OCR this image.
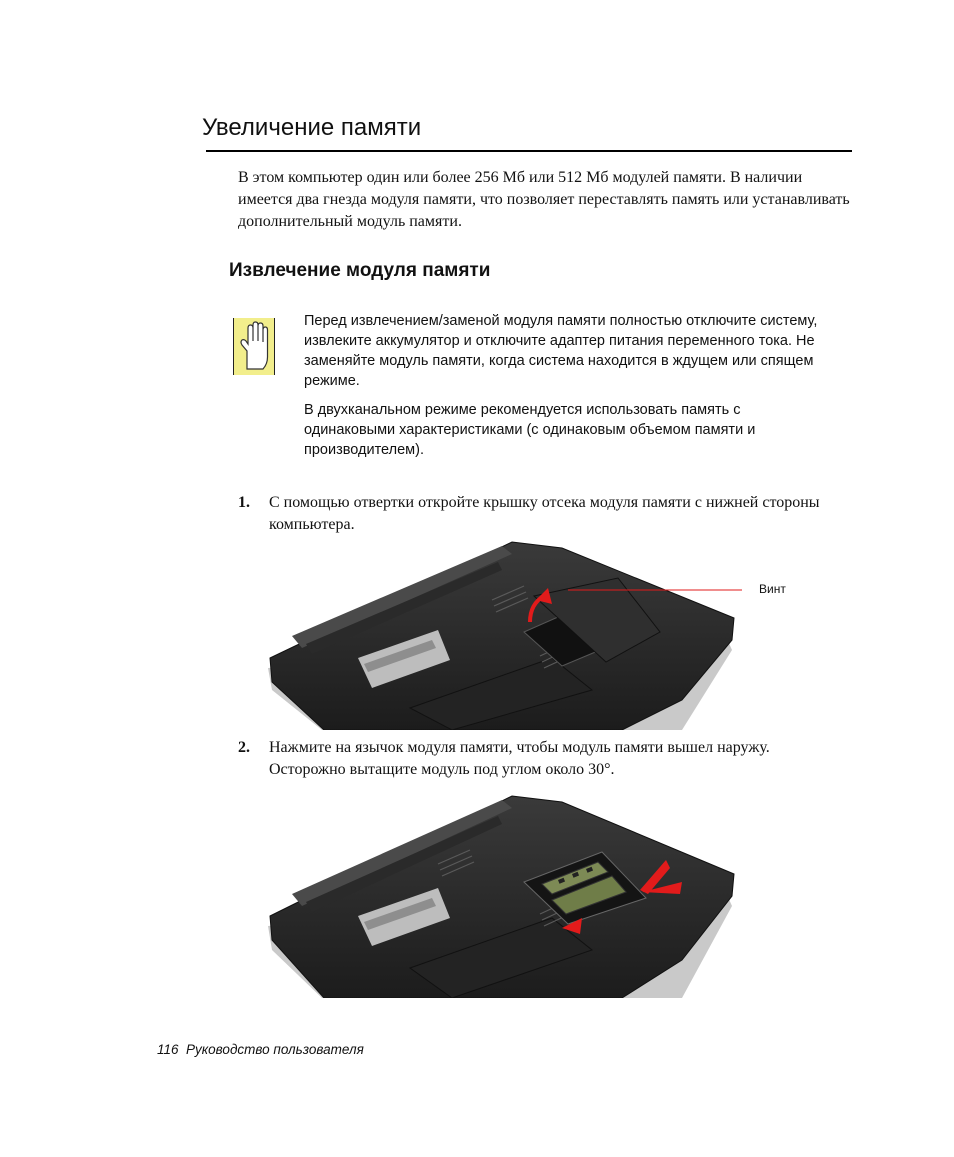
Увеличение памяти

В этом компьютер один или более 256 Мб или 512 Мб модулей памяти. В наличии имеется два гнезда модуля памяти, что позволяет переставлять память или устанавливать дополнительный модуль памяти.

Извлечение модуля памяти

Перед извлечением/заменой модуля памяти полностью отключите систему, извлеките аккумулятор и отключите адаптер питания переменного тока. Не заменяйте модуль памяти, когда система находится в ждущем или спящем режиме.

В двухканальном режиме рекомендуется использовать память с одинаковыми характеристиками (с одинаковым объемом памяти и производителем).

1. С помощью отвертки откройте крышку отсека модуля памяти с нижней стороны компьютера.
Винт
2. Нажмите на язычок модуля памяти, чтобы модуль памяти вышел наружу. Осторожно вытащите модуль под углом около 30°.
116 Руководство пользователя
